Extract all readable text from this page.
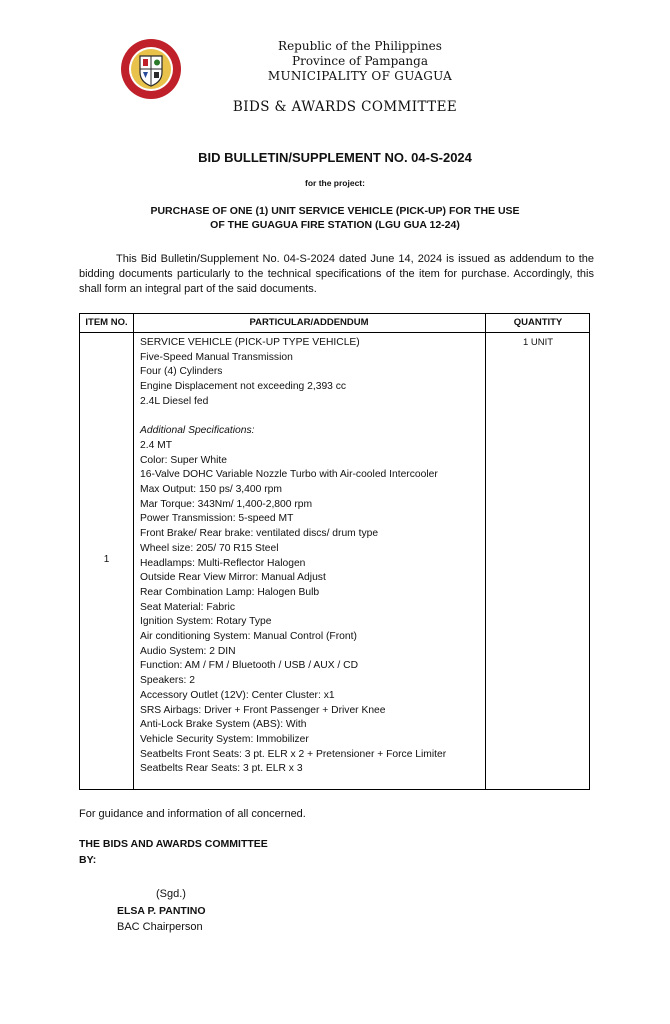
Republic of the Philippines
Province of Pampanga
MUNICIPALITY OF GUAGUA
BIDS & AWARDS COMMITTEE
BID BULLETIN/SUPPLEMENT NO. 04-S-2024
for the project:
PURCHASE OF ONE (1) UNIT SERVICE VEHICLE (PICK-UP) FOR THE USE
OF THE GUAGUA FIRE STATION (LGU GUA 12-24)

This Bid Bulletin/Supplement No. 04-S-2024 dated June 14, 2024 is issued as addendum to the bidding documents particularly to the technical specifications of the item for purchase. Accordingly, this shall form an integral part of the said documents.

ITEM NO.	PARTICULAR/ADDENDUM	QUANTITY
1
1 UNIT
SERVICE VEHICLE (PICK-UP TYPE VEHICLE)
Five-Speed Manual Transmission
Four (4) Cylinders
Engine Displacement not exceeding 2,393 cc
2.4L Diesel fed
Additional Specifications:
2.4 MT
Color: Super White
16-Valve DOHC Variable Nozzle Turbo with Air-cooled Intercooler
Max Output: 150 ps/ 3,400 rpm
Mar Torque: 343Nm/ 1,400-2,800 rpm
Power Transmission: 5-speed MT
Front Brake/ Rear brake: ventilated discs/ drum type
Wheel size: 205/ 70 R15 Steel
Headlamps: Multi-Reflector Halogen
Outside Rear View Mirror: Manual Adjust
Rear Combination Lamp: Halogen Bulb
Seat Material: Fabric
Ignition System: Rotary Type
Air conditioning System: Manual Control (Front)
Audio System: 2 DIN
Function: AM / FM / Bluetooth / USB / AUX / CD
Speakers: 2
Accessory Outlet (12V): Center Cluster: x1
SRS Airbags: Driver + Front Passenger + Driver Knee
Anti-Lock Brake System (ABS): With
Vehicle Security System: Immobilizer
Seatbelts Front Seats: 3 pt. ELR x 2 + Pretensioner + Force Limiter
Seatbelts Rear Seats: 3 pt. ELR x 3
For guidance and information of all concerned.
THE BIDS AND AWARDS COMMITTEE
BY:
(Sgd.)
ELSA P. PANTINO
BAC Chairperson
